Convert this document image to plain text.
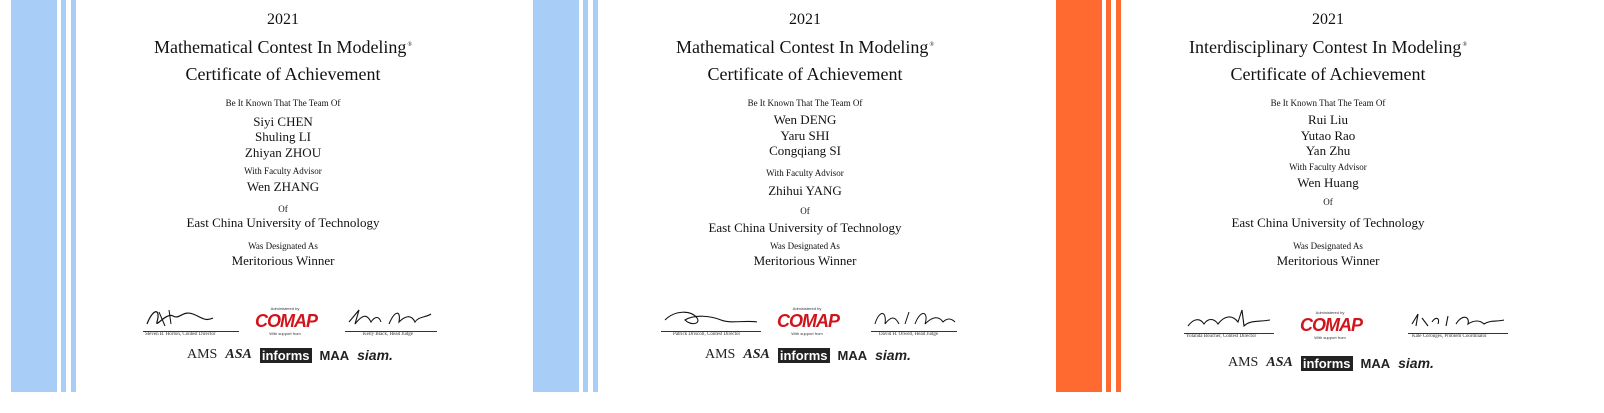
2021
Mathematical Contest In Modeling®
Certificate of Achievement
Be It Known That The Team Of
Siyi CHEN
Shuling LI
Zhiyan ZHOU
With Faculty Advisor
Wen ZHANG
Of
East China University of Technology
Was Designated As
Meritorious Winner
Steven B. Horton, Contest Director
Administered by
COMAP
With support from	Kelly Black, Head Judge
AMS ASA informs MAA siam.
2021
Mathematical Contest In Modeling®
Certificate of Achievement
Be It Known That The Team Of
Wen DENG
Yaru SHI
Congqiang SI
With Faculty Advisor
Zhihui YANG
Of
East China University of Technology
Was Designated As
Meritorious Winner
Patrick Driscoll, Contest Director
Administered by
COMAP
With support from	David H. Olwell, Head Judge
AMS ASA informs MAA siam.
2021
Interdisciplinary Contest In Modeling®
Certificate of Achievement
Be It Known That The Team Of
Rui Liu
Yutao Rao
Yan Zhu
With Faculty Advisor
Wen Huang
Of
East China University of Technology
Was Designated As
Meritorious Winner
Yolanda Boucher, Contest Director
Administered by
COMAP
With support from	Kate Coronges, Problem Coordinator
AMS ASA informs MAA siam.
